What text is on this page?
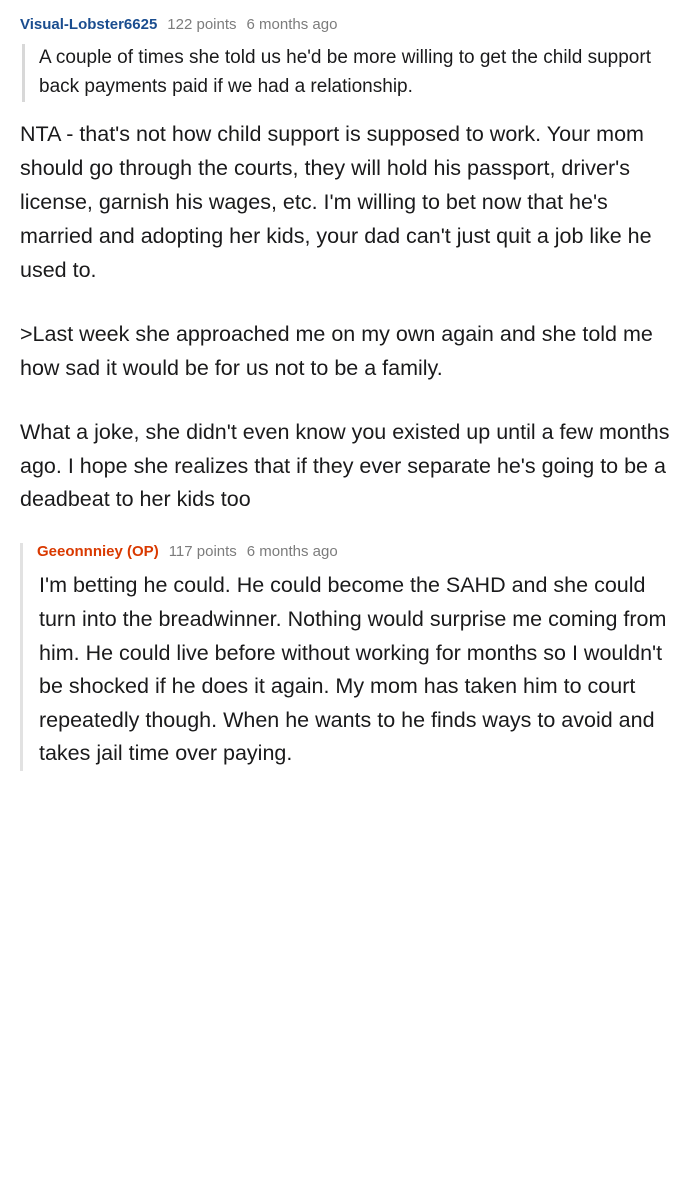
Visual-Lobster6625 122 points 6 months ago

A couple of times she told us he'd be more willing to get the child support back payments paid if we had a relationship.

NTA - that's not how child support is supposed to work. Your mom should go through the courts, they will hold his passport, driver's license, garnish his wages, etc. I'm willing to bet now that he's married and adopting her kids, your dad can't just quit a job like he used to.

>Last week she approached me on my own again and she told me how sad it would be for us not to be a family.

What a joke, she didn't even know you existed up until a few months ago. I hope she realizes that if they ever separate he's going to be a deadbeat to her kids too

Geeonnniey (OP) 117 points 6 months ago

I'm betting he could. He could become the SAHD and she could turn into the breadwinner. Nothing would surprise me coming from him. He could live before without working for months so I wouldn't be shocked if he does it again. My mom has taken him to court repeatedly though. When he wants to he finds ways to avoid and takes jail time over paying.
